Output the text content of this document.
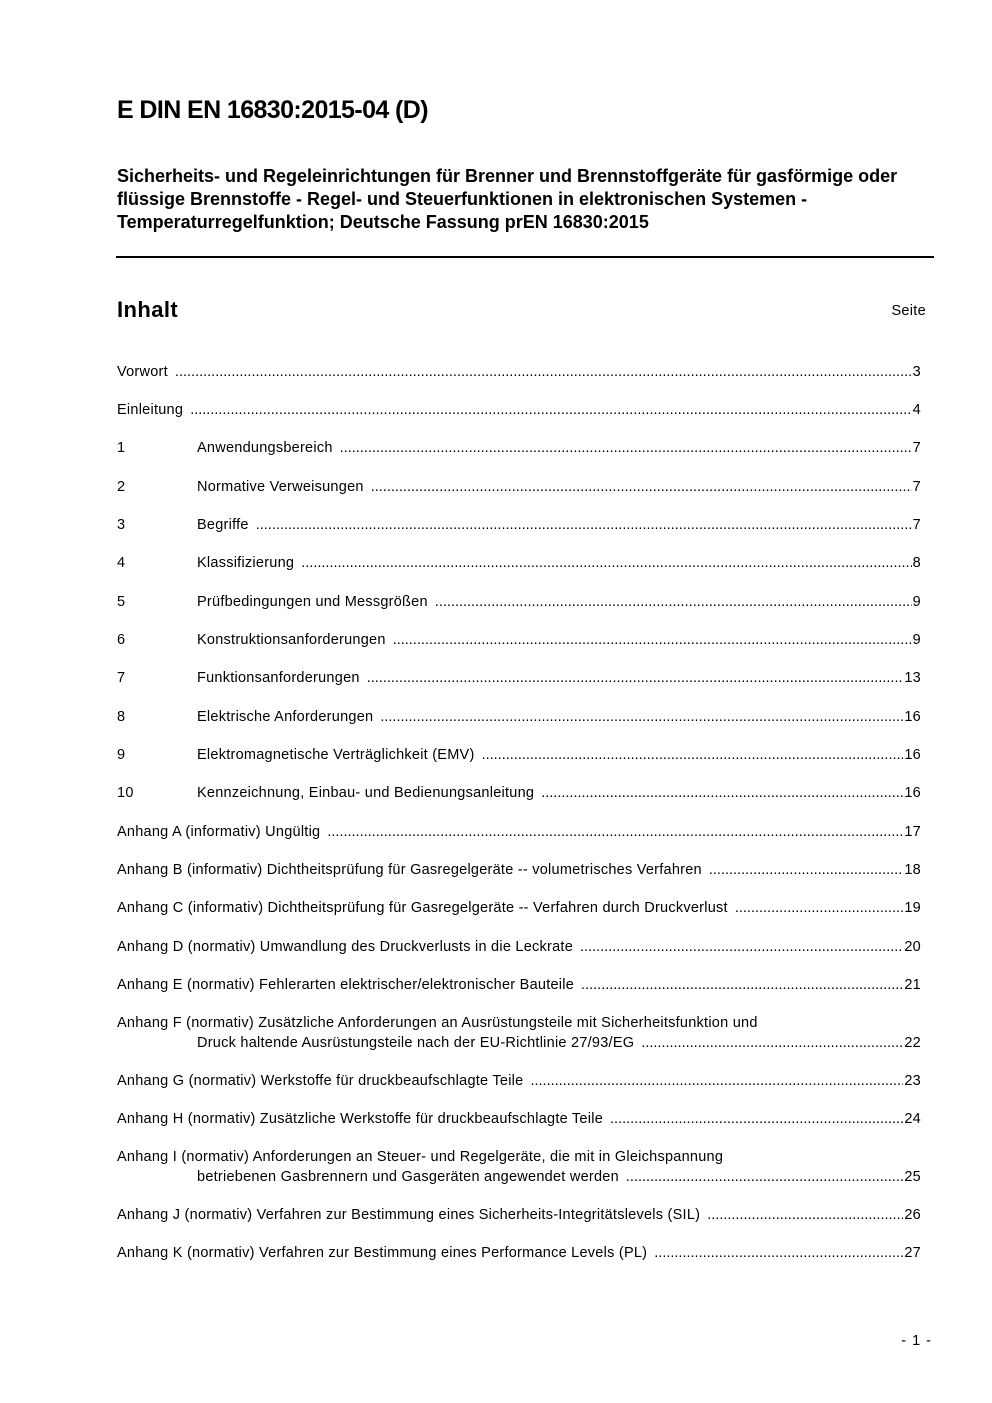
E DIN EN 16830:2015-04 (D)
Sicherheits- und Regeleinrichtungen für Brenner und Brennstoffgeräte für gasförmige oder flüssige Brennstoffe - Regel- und Steuerfunktionen in elektronischen Systemen - Temperaturregelfunktion; Deutsche Fassung prEN 16830:2015
Inhalt	Seite
Vorwort .....	3
Einleitung .....	4
1	Anwendungsbereich .....	7
2	Normative Verweisungen .....	7
3	Begriffe .....	7
4	Klassifizierung .....	8
5	Prüfbedingungen und Messgrößen .....	9
6	Konstruktionsanforderungen .....	9
7	Funktionsanforderungen .....	13
8	Elektrische Anforderungen .....	16
9	Elektromagnetische Verträglichkeit (EMV) .....	16
10	Kennzeichnung, Einbau- und Bedienungsanleitung .....	16
Anhang A (informativ) Ungültig .....	17
Anhang B (informativ) Dichtheitsprüfung für Gasregelgeräte -- volumetrisches Verfahren .....	18
Anhang C (informativ) Dichtheitsprüfung für Gasregelgeräte -- Verfahren durch Druckverlust .....	19
Anhang D (normativ) Umwandlung des Druckverlusts in die Leckrate .....	20
Anhang E (normativ) Fehlerarten elektrischer/elektronischer Bauteile .....	21
Anhang F (normativ) Zusätzliche Anforderungen an Ausrüstungsteile mit Sicherheitsfunktion und
Druck haltende Ausrüstungsteile nach der EU-Richtlinie 27/93/EG .....	22
Anhang G (normativ) Werkstoffe für druckbeaufschlagte Teile .....	23
Anhang H (normativ) Zusätzliche Werkstoffe für druckbeaufschlagte Teile .....	24
Anhang I (normativ) Anforderungen an Steuer- und Regelgeräte, die mit in Gleichspannung
betriebenen Gasbrennern und Gasgeräten angewendet werden .....	25
Anhang J (normativ) Verfahren zur Bestimmung eines Sicherheits-Integritätslevels (SIL) .....	26
Anhang K (normativ) Verfahren zur Bestimmung eines Performance Levels (PL) .....	27
- 1 -
